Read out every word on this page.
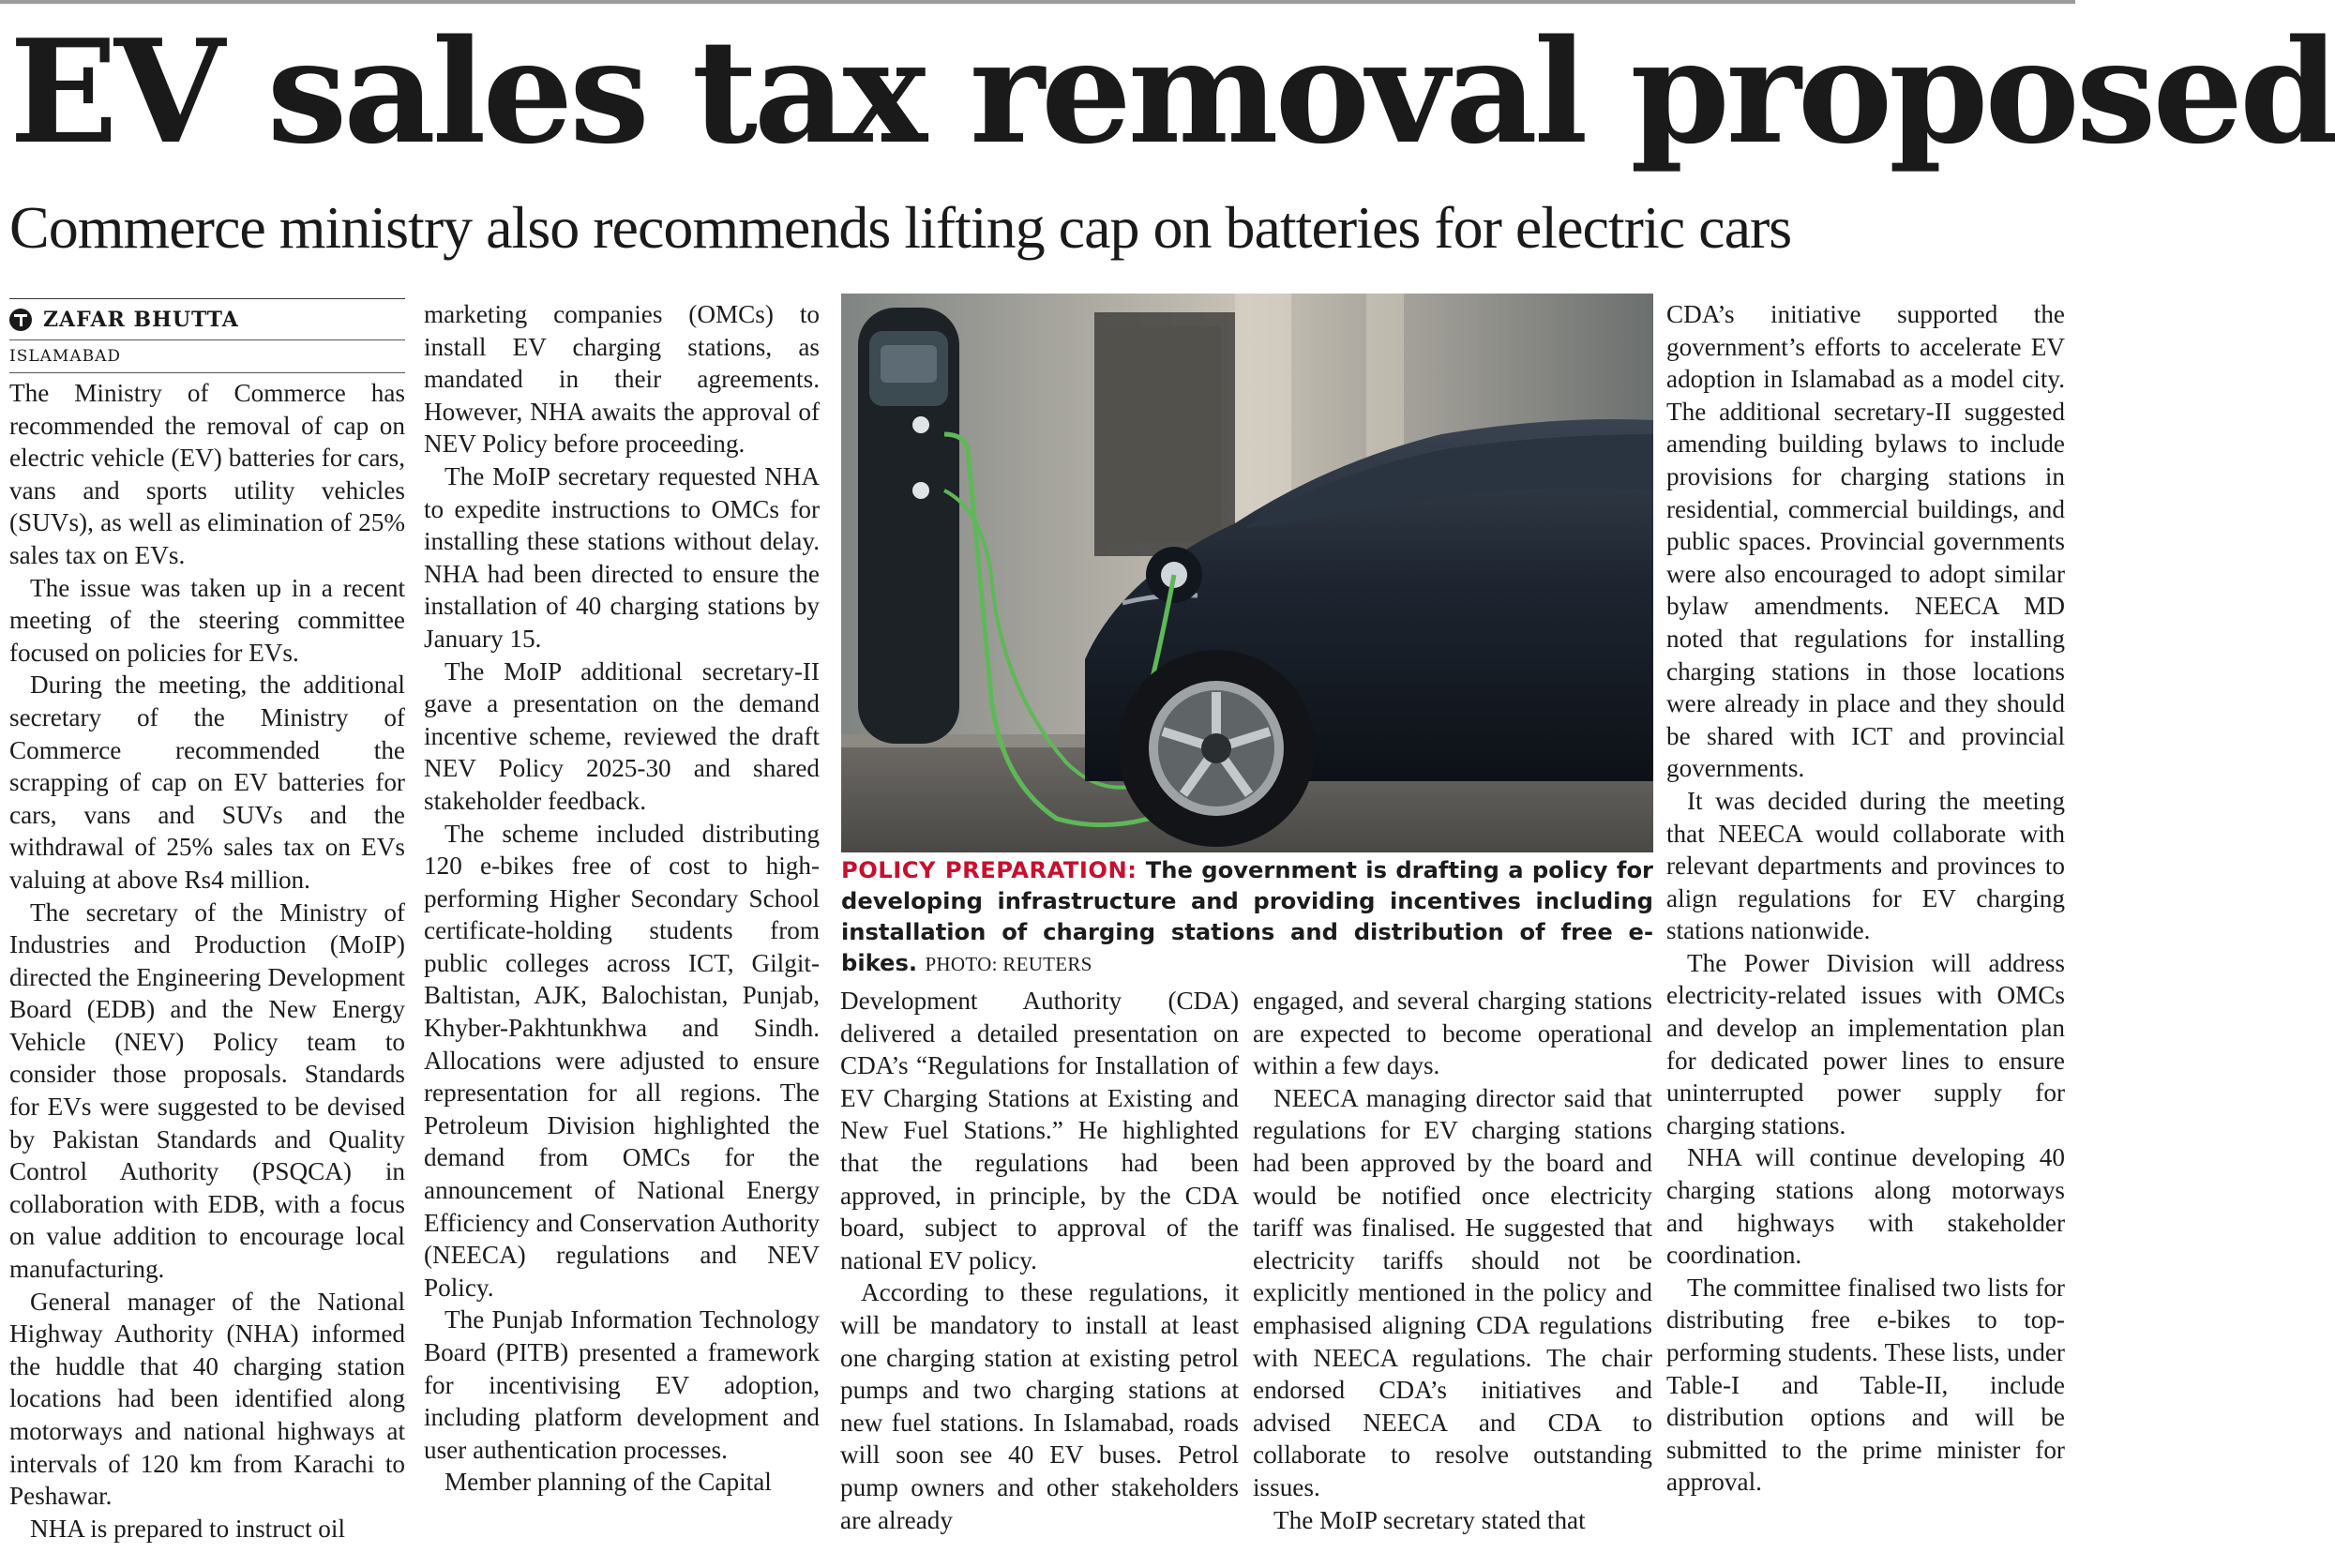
EV sales tax removal proposed
Commerce ministry also recommends lifting cap on batteries for electric cars
ZAFAR BHUTTA
ISLAMABAD

The Ministry of Commerce has recommended the removal of cap on electric vehicle (EV) batteries for cars, vans and sports utility vehicles (SUVs), as well as elimination of 25% sales tax on EVs.

The issue was taken up in a recent meeting of the steering committee focused on policies for EVs.

During the meeting, the additional secretary of the Ministry of Commerce recommended the scrapping of cap on EV batteries for cars, vans and SUVs and the withdrawal of 25% sales tax on EVs valuing at above Rs4 million.

The secretary of the Ministry of Industries and Production (MoIP) directed the Engineering Development Board (EDB) and the New Energy Vehicle (NEV) Policy team to consider those proposals. Standards for EVs were suggested to be devised by Pakistan Standards and Quality Control Authority (PSQCA) in collaboration with EDB, with a focus on value addition to encourage local manufacturing.

General manager of the National Highway Authority (NHA) informed the huddle that 40 charging station locations had been identified along motorways and national highways at intervals of 120 km from Karachi to Peshawar.

NHA is prepared to instruct oil

marketing companies (OMCs) to install EV charging stations, as mandated in their agreements. However, NHA awaits the approval of NEV Policy before proceeding.

The MoIP secretary requested NHA to expedite instructions to OMCs for installing these stations without delay. NHA had been directed to ensure the installation of 40 charging stations by January 15.

The MoIP additional secretary-II gave a presentation on the demand incentive scheme, reviewed the draft NEV Policy 2025-30 and shared stakeholder feedback.

The scheme included distributing 120 e-bikes free of cost to high-performing Higher Secondary School certificate-holding students from public colleges across ICT, Gilgit-Baltistan, AJK, Balochistan, Punjab, Khyber-Pakhtunkhwa and Sindh. Allocations were adjusted to ensure representation for all regions. The Petroleum Division highlighted the demand from OMCs for the announcement of National Energy Efficiency and Conservation Authority (NEECA) regulations and NEV Policy.

The Punjab Information Technology Board (PITB) presented a framework for incentivising EV adoption, including platform development and user authentication processes.

Member planning of the Capital

POLICY PREPARATION: The government is drafting a policy for developing infrastructure and providing incentives including installation of charging stations and distribution of free e-bikes. PHOTO: REUTERS

Development Authority (CDA) delivered a detailed presentation on CDA’s “Regulations for Installation of EV Charging Stations at Existing and New Fuel Stations.” He highlighted that the regulations had been approved, in principle, by the CDA board, subject to approval of the national EV policy.

According to these regulations, it will be mandatory to install at least one charging station at existing petrol pumps and two charging stations at new fuel stations. In Islamabad, roads will soon see 40 EV buses. Petrol pump owners and other stakeholders are already

engaged, and several charging stations are expected to become operational within a few days.

NEECA managing director said that regulations for EV charging stations had been approved by the board and would be notified once electricity tariff was finalised. He suggested that electricity tariffs should not be explicitly mentioned in the policy and emphasised aligning CDA regulations with NEECA regulations. The chair endorsed CDA’s initiatives and advised NEECA and CDA to collaborate to resolve outstanding issues.

The MoIP secretary stated that

CDA’s initiative supported the government’s efforts to accelerate EV adoption in Islamabad as a model city. The additional secretary-II suggested amending building bylaws to include provisions for charging stations in residential, commercial buildings, and public spaces. Provincial governments were also encouraged to adopt similar bylaw amendments. NEECA MD noted that regulations for installing charging stations in those locations were already in place and they should be shared with ICT and provincial governments.

It was decided during the meeting that NEECA would collaborate with relevant departments and provinces to align regulations for EV charging stations nationwide.

The Power Division will address electricity-related issues with OMCs and develop an implementation plan for dedicated power lines to ensure uninterrupted power supply for charging stations.

NHA will continue developing 40 charging stations along motorways and highways with stakeholder coordination.

The committee finalised two lists for distributing free e-bikes to top-performing students. These lists, under Table-I and Table-II, include distribution options and will be submitted to the prime minister for approval.
